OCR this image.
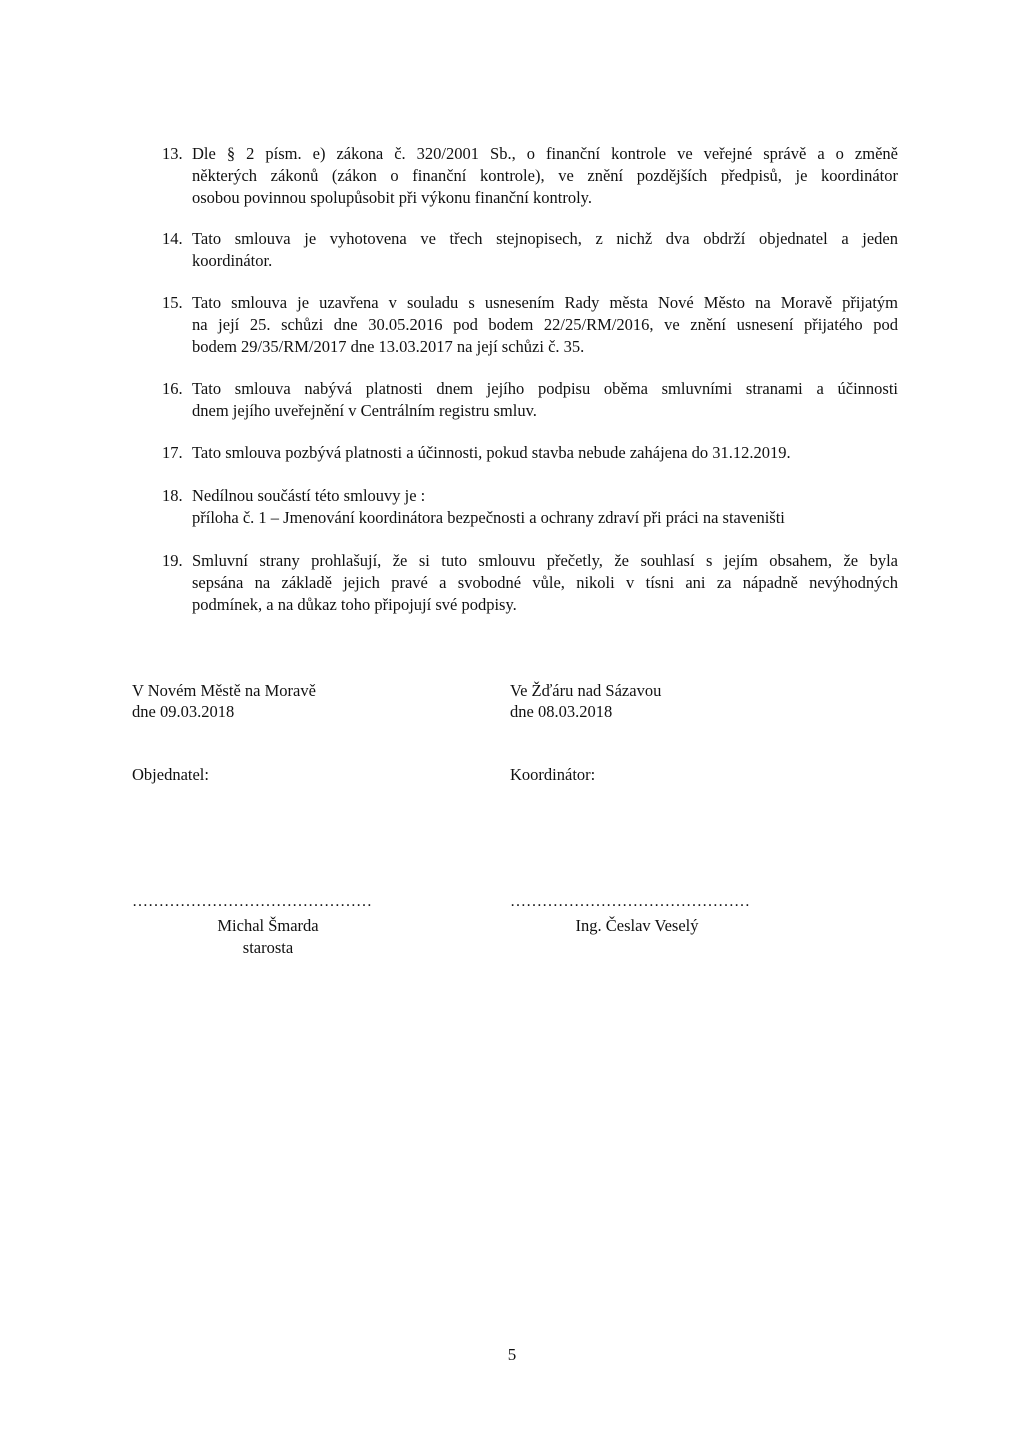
13. Dle § 2 písm. e) zákona č. 320/2001 Sb., o finanční kontrole ve veřejné správě a o změně
některých zákonů (zákon o finanční kontrole), ve znění pozdějších předpisů, je koordinátor
osobou povinnou spolupůsobit při výkonu finanční kontroly.
14. Tato smlouva je vyhotovena ve třech stejnopisech, z nichž dva obdrží objednatel a jeden
koordinátor.
15. Tato smlouva je uzavřena v souladu s usnesením Rady města Nové Město na Moravě přijatým
na její 25. schůzi dne 30.05.2016 pod bodem 22/25/RM/2016, ve znění usnesení přijatého pod
bodem 29/35/RM/2017 dne 13.03.2017 na její schůzi č. 35.
16. Tato smlouva nabývá platnosti dnem jejího podpisu oběma smluvními stranami a účinnosti
dnem jejího uveřejnění v Centrálním registru smluv.
17. Tato smlouva pozbývá platnosti a účinnosti, pokud stavba nebude zahájena do 31.12.2019.
18. Nedílnou součástí této smlouvy je :
příloha č. 1 – Jmenování koordinátora bezpečnosti a ochrany zdraví při práci na staveništi
19. Smluvní strany prohlašují, že si tuto smlouvu přečetly, že souhlasí s jejím obsahem, že byla
sepsána na základě jejich pravé a svobodné vůle, nikoli v tísni ani za nápadně nevýhodných
podmínek, a na důkaz toho připojují své podpisy.
V Novém Městě na Moravě
dne 09.03.2018
Objednatel:
Ve Žďáru nad Sázavou
dne 08.03.2018
Koordinátor:
………………………………………	………………………………………
Michal Šmarda
starosta
Ing. Česlav Veselý
5
